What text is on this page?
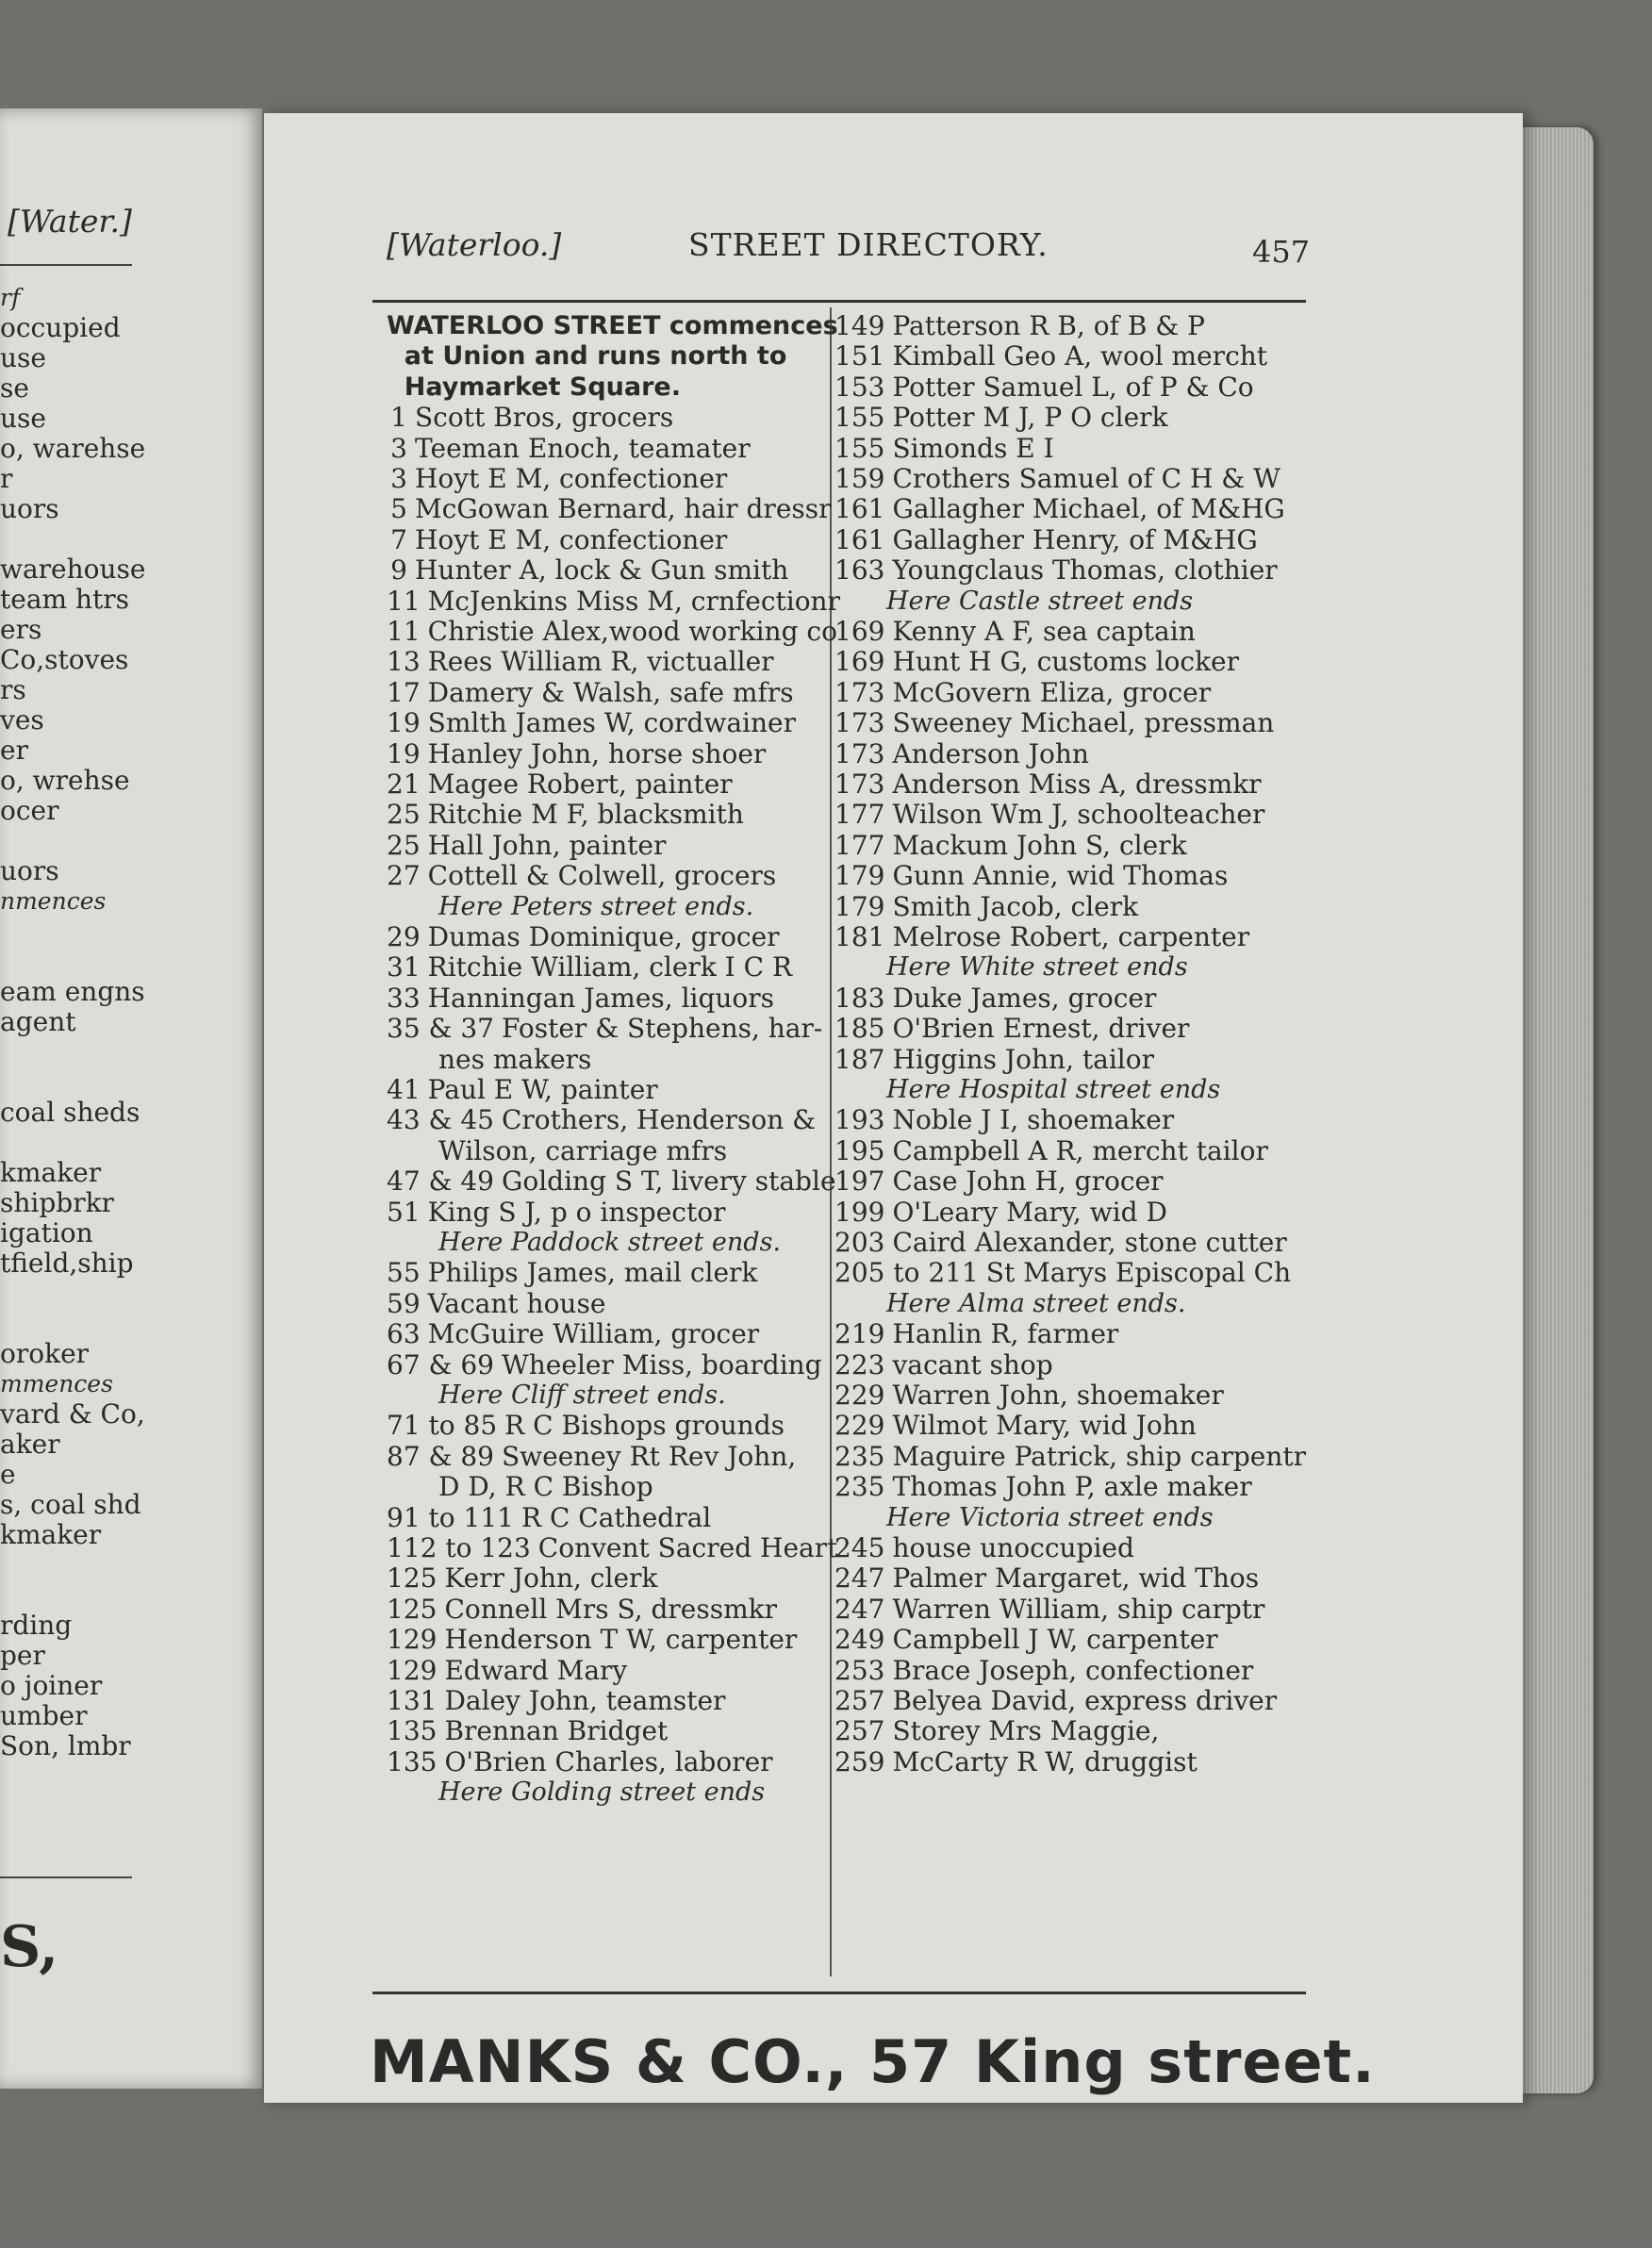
[Water.]
rf
occupied
use
se
use
o, warehse
r
uors
warehouse
team htrs
ers
Co,stoves
rs
ves
er
o, wrehse
ocer
uors
nmences
eam engns
agent
coal sheds
kmaker
shipbrkr
igation
tfield,ship
oroker
mmences
vard & Co,
aker
e
s, coal shd
kmaker
rding
per
o joiner
umber
Son, lmbr
S,
[Waterloo.]	STREET DIRECTORY.	457
WATERLOO STREET commences
at Union and runs north to
Haymarket Square.
1 Scott Bros, grocers
3 Teeman Enoch, teamater
3 Hoyt E M, confectioner
5 McGowan Bernard, hair dressr
7 Hoyt E M, confectioner
9 Hunter A, lock & Gun smith
11 McJenkins Miss M, crnfectionr
11 Christie Alex,wood working co
13 Rees William R, victualler
17 Damery & Walsh, safe mfrs
19 Smlth James W, cordwainer
19 Hanley John, horse shoer
21 Magee Robert, painter
25 Ritchie M F, blacksmith
25 Hall John, painter
27 Cottell & Colwell, grocers
Here Peters street ends.
29 Dumas Dominique, grocer
31 Ritchie William, clerk I C R
33 Hanningan James, liquors
35 & 37 Foster & Stephens, har-
nes makers
41 Paul E W, painter
43 & 45 Crothers, Henderson &
Wilson, carriage mfrs
47 & 49 Golding S T, livery stable
51 King S J, p o inspector
Here Paddock street ends.
55 Philips James, mail clerk
59 Vacant house
63 McGuire William, grocer
67 & 69 Wheeler Miss, boarding
Here Cliff street ends.
71 to 85 R C Bishops grounds
87 & 89 Sweeney Rt Rev John,
D D, R C Bishop
91 to 111 R C Cathedral
112 to 123 Convent Sacred Heart
125 Kerr John, clerk
125 Connell Mrs S, dressmkr
129 Henderson T W, carpenter
129 Edward Mary
131 Daley John, teamster
135 Brennan Bridget
135 O'Brien Charles, laborer
Here Golding street ends
149 Patterson R B, of B & P
151 Kimball Geo A, wool mercht
153 Potter Samuel L, of P & Co
155 Potter M J, P O clerk
155 Simonds E I
159 Crothers Samuel of C H & W
161 Gallagher Michael, of M&HG
161 Gallagher Henry, of M&HG
163 Youngclaus Thomas, clothier
Here Castle street ends
169 Kenny A F, sea captain
169 Hunt H G, customs locker
173 McGovern Eliza, grocer
173 Sweeney Michael, pressman
173 Anderson John
173 Anderson Miss A, dressmkr
177 Wilson Wm J, schoolteacher
177 Mackum John S, clerk
179 Gunn Annie, wid Thomas
179 Smith Jacob, clerk
181 Melrose Robert, carpenter
Here White street ends
183 Duke James, grocer
185 O'Brien Ernest, driver
187 Higgins John, tailor
Here Hospital street ends
193 Noble J I, shoemaker
195 Campbell A R, mercht tailor
197 Case John H, grocer
199 O'Leary Mary, wid D
203 Caird Alexander, stone cutter
205 to 211 St Marys Episcopal Ch
Here Alma street ends.
219 Hanlin R, farmer
223 vacant shop
229 Warren John, shoemaker
229 Wilmot Mary, wid John
235 Maguire Patrick, ship carpentr
235 Thomas John P, axle maker
Here Victoria street ends
245 house unoccupied
247 Palmer Margaret, wid Thos
247 Warren William, ship carptr
249 Campbell J W, carpenter
253 Brace Joseph, confectioner
257 Belyea David, express driver
257 Storey Mrs Maggie,
259 McCarty R W, druggist
MANKS & CO., 57 King street.
